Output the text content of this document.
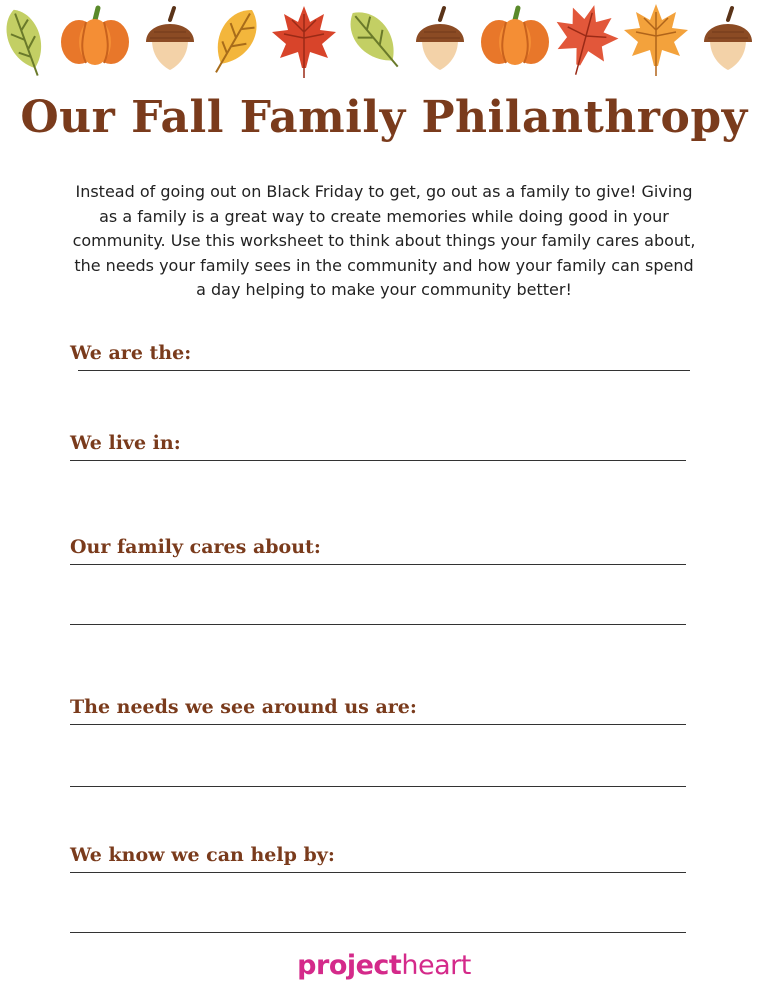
Our Fall Family Philanthropy

Instead of going out on Black Friday to get, go out as a family to give! Giving as a family is a great way to create memories while doing good in your community. Use this worksheet to think about things your family cares about, the needs your family sees in the community and how your family can spend a day helping to make your community better!

We are the:
We live in:
Our family cares about:
The needs we see around us are:
We know we can help by:
projectheart
